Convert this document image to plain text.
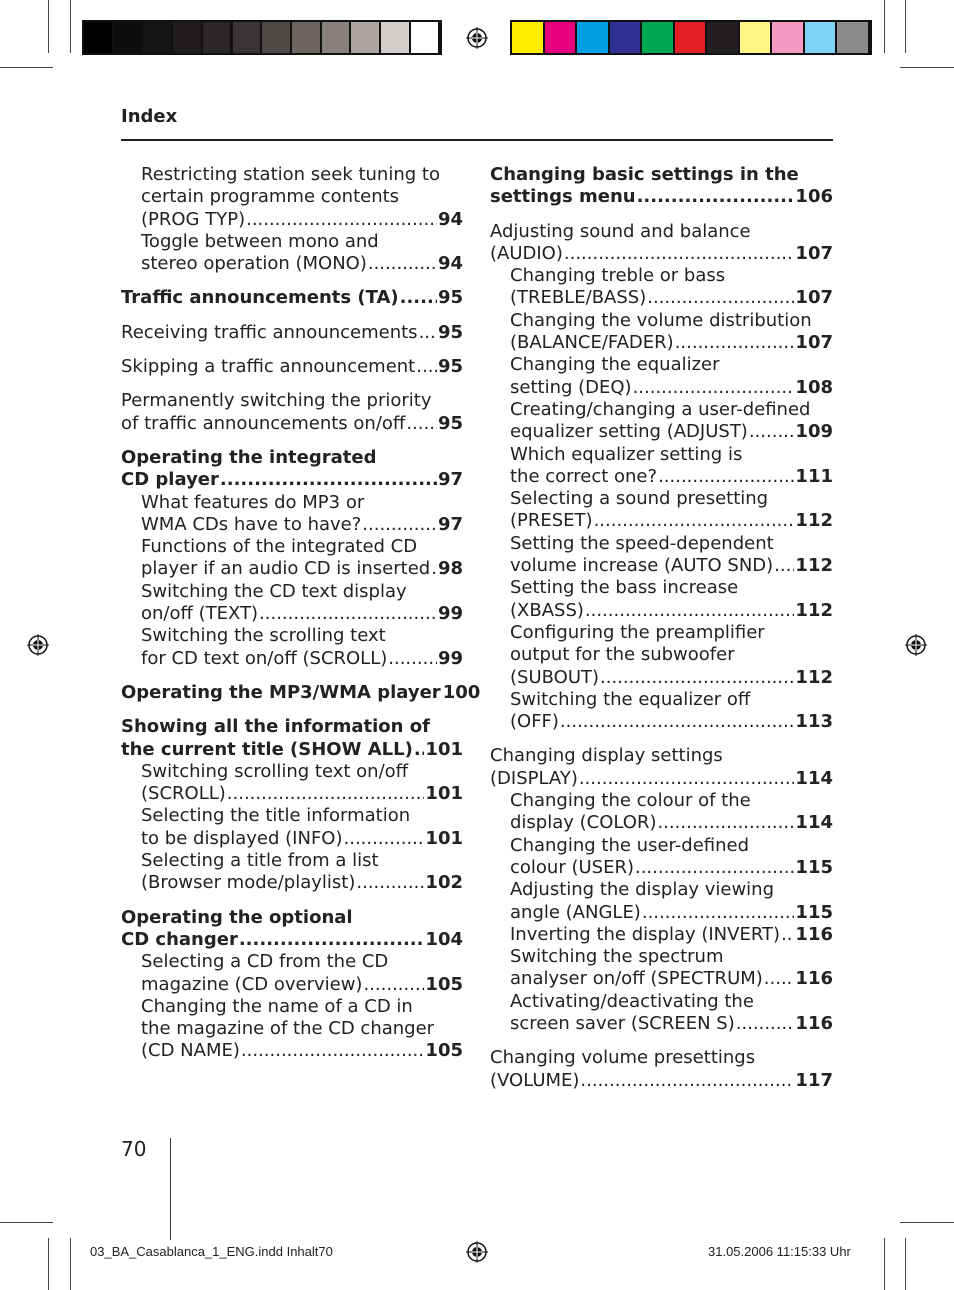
Index
Restricting station seek tuning to
certain programme contents
(PROG TYP) .....	94
Toggle between mono and
stereo operation (MONO) .....	94
Traffic announcements (TA) ..... 95
Receiving traffic announcements ..... 95
Skipping a traffic announcement ..... 95
Permanently switching the priority
of traffic announcements on/off ..... 95
Operating the integrated
CD player .....	97
What features do MP3 or
WMA CDs have to have? .....	97
Functions of the integrated CD
player if an audio CD is inserted ..... 98
Switching the CD text display
on/off (TEXT) .....	99
Switching the scrolling text
for CD text on/off (SCROLL) .....	99
Operating the MP3/WMA player 100
Showing all the information of
the current title (SHOW ALL) ..... 101
Switching scrolling text on/off
(SCROLL) .....	101
Selecting the title information
to be displayed (INFO) .....	101
Selecting a title from a list
(Browser mode/playlist) .....	102
Operating the optional
CD changer .....	104
Selecting a CD from the CD
magazine (CD overview) .....	105
Changing the name of a CD in
the magazine of the CD changer
(CD NAME) .....	105
Changing basic settings in the
settings menu .....	106
Adjusting sound and balance
(AUDIO) .....	107
Changing treble or bass
(TREBLE/BASS) .....	107
Changing the volume distribution
(BALANCE/FADER) .....	107
Changing the equalizer
setting (DEQ) .....	108
Creating/changing a user-defined
equalizer setting (ADJUST) .....	109
Which equalizer setting is
the correct one? .....	111
Selecting a sound presetting
(PRESET) .....	112
Setting the speed-dependent
volume increase (AUTO SND) ..... 112
Setting the bass increase
(XBASS) .....	112
Configuring the preamplifier
output for the subwoofer
(SUBOUT) .....	112
Switching the equalizer off
(OFF) .....	113
Changing display settings
(DISPLAY) .....	114
Changing the colour of the
display (COLOR) .....	114
Changing the user-defined
colour (USER) .....	115
Adjusting the display viewing
angle (ANGLE) .....	115
Inverting the display (INVERT) ..... 116
Switching the spectrum
analyser on/off (SPECTRUM) ..... 116
Activating/deactivating the
screen saver (SCREEN S) .....	116
Changing volume presettings
(VOLUME) .....	117
70
03_BA_Casablanca_1_ENG.indd Inhalt70	31.05.2006 11:15:33 Uhr
